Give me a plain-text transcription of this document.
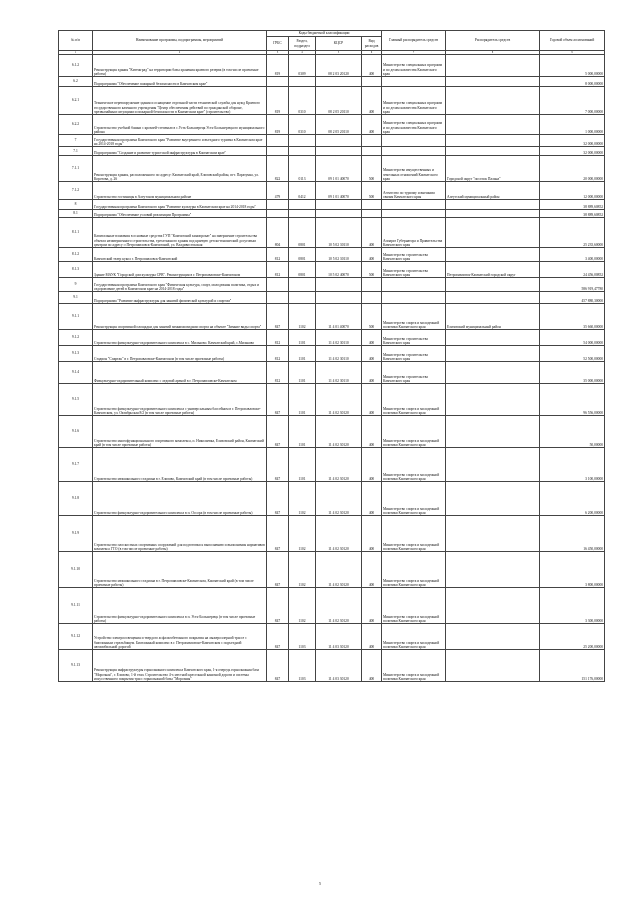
№ п/п	Наименование программы, подпрограммы, мероприятий	Коды бюджетной классификации				Главный распорядитель средств	Распорядитель средств	Годовой объем ассигнований
		ГРБС	Раздел, подраздел	КЦСР	Вид расходов			
1	2	3	4	5	6	7	8	9
6.1.2	Реконструкция здания "Китежград" на территории базы хранения краевого резерва (в том числе проектные работы)	819	0309	08 2 03 20120	400	Министерство специальных программ и по делам казачества Камчатского края		5 000,00000
6.2	Подпрограмма "Обеспечение пожарной безопасности в Камчатском крае"							8 000,00000
6.2.1	Техническое перевооружение здания и оснащение отдельной части технической службы для нужд Краевого государственного казенного учреждения "Центр обеспечения действий по гражданской обороне, чрезвычайным ситуациям и пожарной безопасности в Камчатском крае" (строительство)	819	0310	08 2 05 20110	400	Министерство специальных программ и по делам казачества Камчатского края		7 000,00000
6.2.2	Строительство учебной башни с кровлей-степенью в с.Усть-Большерецк Усть-Большерецкого муниципального района	819	0310	08 2 05 20110	400	Министерство специальных программ и по делам казачества Камчатского края		1 000,00000
7	Государственная программа Камчатского края "Развитие внутреннего и въездного туризма в Камчатском крае на 2014-2018 годы"							32 000,00000
7.1	Подпрограмма "Создание и развитие туристской инфраструктуры в Камчатском крае"							32 000,00000
7.1.1	Реконструкция здания, расположенного по адресу: Камчатский край, Елизовский район, пгт. Паратунка, ул. Коротова, д. 26	822	0113	09 1 01 40070	500	Министерство имущественных и земельных отношений Камчатского края	Городской округ "поселок Палана"	20 000,00000
7.1.2	Строительство гостиницы в Алеутском муниципальном районе	479	0412	09 1 01 40070	500	Агентство по туризму и внешним связям Камчатского края	Алеутский муниципальный район	12 000,00000
8	Государственная программа Камчатского края "Развитие культуры в Камчатском крае на 2014-2018 годы"							38 889,60852
8.1	Подпрограмма "Обеспечение условий реализации Программы"							38 889,60852
8.1.1	Капитальные вложения в основные средства ГУП "Камчатский кинопрокат" на завершение строительства объекта незавершенного строительства, трехэтажного здания под краевую детско-юношеский досуговым центром по адресу: г.Петропавловск-Камчатский, ул. Владивостокская	804	0801	10 5 02 30110	400	Аппарат Губернатора и Правительства Камчатского края		25 235,60000
8.1.2	Камчатский театр кукол г. Петропавловск-Камчатский	812	0801	10 5 02 30110	400	Министерство строительства Камчатского края		3 400,00000
8.1.3	Здание МАУК "Городской дом культуры СРВ". Реконструкция в г. Петропавловске-Камчатском	812	0801	10 5 02 40070	500	Министерство строительства Камчатского края	Петропавловск-Камчатский городской округ	24 456,00852
9	Государственная программа Камчатского края "Физическая культура, спорт, молодежная политика, отдых и оздоровление детей в Камчатском крае на 2014-2018 годы"							586 919,47780
9.1	Подпрограмма "Развитие инфраструктуры для занятий физической культурой и спортом"							457 880,30000
9.1.1	Реконструкция спортивной площадки для занятий зимними видами спорта на объекте "Зимние виды спорта"	847	1102	11 4 01 40070	500	Министерство спорта и молодежной политики Камчатского края	Елизовский муниципальный район	35 660,00000
9.1.2	Строительство физкультурно-оздоровительного комплекса в с. Мильково. Камчатский край, с.Мильково	812	1101	11 4 02 30110	400	Министерство строительства Камчатского края		54 000,00000
9.1.3	Стадион "Спартак" в г. Петропавловске-Камчатском (в том числе проектные работы)	812	1101	11 4 02 30110	400	Министерство строительства Камчатского края		52 500,00000
9.1.4	Физкультурно-оздоровительный комплекс с ледовой ареной в г. Петропавловске-Камчатском	812	1101	11 4 02 30110	400	Министерство строительства Камчатского края		35 000,00000
9.1.5	Строительство физкультурно-оздоровительного комплекса с универсальным бассейном в г. Петропавловске-Камчатском, ул. Октябрьская 8/2 (в том числе проектные работы)	847	1101	11 4 02 30120	400	Министерство спорта и молодежной политики Камчатского края		96 556,00000
9.1.6	Строительство многофункционального спортивного комплекса, п. Николаевка, Елизовский район, Камчатский край (в том числе проектные работы)	847	1101	11 4 02 30120	400	Министерство спорта и молодежной политики Камчатского края		50,00000
9.1.7	Строительство межшкольного стадиона в г. Елизово, Камчатский край (в том числе проектные работы)	847	1101	11 4 02 30120	400	Министерство спорта и молодежной политики Камчатского края		3 100,00000
9.1.8	Строительство физкультурно-оздоровительного комплекса в п. Оссора (в том числе проектные работы)	847	1102	11 4 02 30120	400	Министерство спорта и молодежной политики Камчатского края		6 200,00000
9.1.9	Строительство плоскостных спортивных сооружений для подготовки к выполнению и выполнения нормативов комплекса ГТО (в том числе проектные работы)	847	1102	11 4 02 30120	400	Министерство спорта и молодежной политики Камчатского края		16 450,00000
9.1.10	Строительство межшкольного стадиона в г. Петропавловске-Камчатском, Камчатский край (в том числе проектные работы)	847	1102	11 4 02 30120	400	Министерство спорта и молодежной политики Камчатского края		3 800,00000
9.1.11	Строительство физкультурно-оздоровительного комплекса в п. Усть-Большерецк (в том числе проектные работы)	847	1102	11 4 02 30120	400	Министерство спорта и молодежной политики Камчатского края		3 300,00000
9.1.12	Устройство электроосвещения и твердого асфальтобетонного покрытия на лыжероллерной трассе с биатлонным стрельбищем. Биатлонный комплекс в г. Петропавловске-Камчатском с подъездной автомобильной дорогой	847	1103	11 4 03 30120	400	Министерство спорта и молодежной политики Камчатского края		25 200,00000
9.1.13	Реконструкция инфраструктуры горнолыжного комплекса Камчатского края, 1-я очередь горнолыжная база "Морозная", г. Елизово, 1-й этап. Строительство 4-х местной кресельной канатной дороги и системы искусственного покрытия трасс горнолыжной базы "Морозная"	847	1103	11 4 03 30120	400	Министерство спорта и молодежной политики Камчатского края		151 176,00000
5
